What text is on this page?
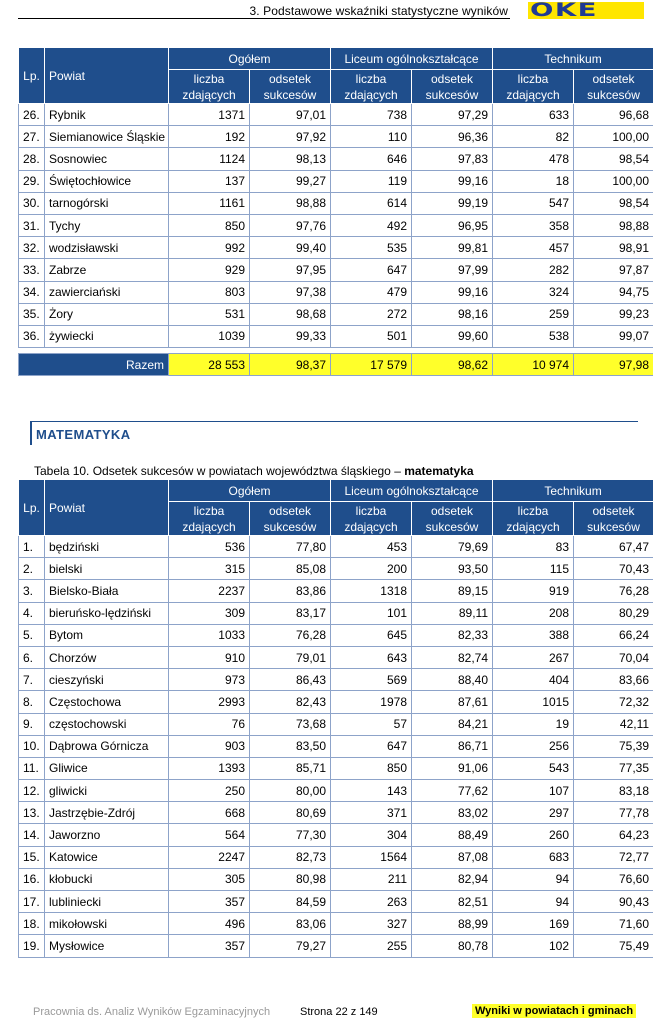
3. Podstawowe wskaźniki statystyczne wyników OKE
Lp.	Powiat	Ogółem		Liceum ogólnokształcące		Technikum	
		liczba zdających	odsetek sukcesów	liczba zdających	odsetek sukcesów	liczba zdających	odsetek sukcesów
26.	Rybnik	1371	97,01	738	97,29	633	96,68
27.	Siemianowice Śląskie	192	97,92	110	96,36	82	100,00
28.	Sosnowiec	1124	98,13	646	97,83	478	98,54
29.	Świętochłowice	137	99,27	119	99,16	18	100,00
30.	tarnogórski	1161	98,88	614	99,19	547	98,54
31.	Tychy	850	97,76	492	96,95	358	98,88
32.	wodzisławski	992	99,40	535	99,81	457	98,91
33.	Zabrze	929	97,95	647	97,99	282	97,87
34.	zawierciański	803	97,38	479	99,16	324	94,75
35.	Żory	531	98,68	272	98,16	259	99,23
36.	żywiecki	1039	99,33	501	99,60	538	99,07

Razem		28 553	98,37	17 579	98,62	10 974	97,98
MATEMATYKA
Tabela 10. Odsetek sukcesów w powiatach województwa śląskiego – matematyka
Lp.	Powiat	Ogółem		Liceum ogólnokształcące		Technikum	
		liczba zdających	odsetek sukcesów	liczba zdających	odsetek sukcesów	liczba zdających	odsetek sukcesów
1.	będziński	536	77,80	453	79,69	83	67,47
2.	bielski	315	85,08	200	93,50	115	70,43
3.	Bielsko-Biała	2237	83,86	1318	89,15	919	76,28
4.	bieruńsko-lędziński	309	83,17	101	89,11	208	80,29
5.	Bytom	1033	76,28	645	82,33	388	66,24
6.	Chorzów	910	79,01	643	82,74	267	70,04
7.	cieszyński	973	86,43	569	88,40	404	83,66
8.	Częstochowa	2993	82,43	1978	87,61	1015	72,32
9.	częstochowski	76	73,68	57	84,21	19	42,11
10.	Dąbrowa Górnicza	903	83,50	647	86,71	256	75,39
11.	Gliwice	1393	85,71	850	91,06	543	77,35
12.	gliwicki	250	80,00	143	77,62	107	83,18
13.	Jastrzębie-Zdrój	668	80,69	371	83,02	297	77,78
14.	Jaworzno	564	77,30	304	88,49	260	64,23
15.	Katowice	2247	82,73	1564	87,08	683	72,77
16.	kłobucki	305	80,98	211	82,94	94	76,60
17.	lubliniecki	357	84,59	263	82,51	94	90,43
18.	mikołowski	496	83,06	327	88,99	169	71,60
19.	Mysłowice	357	79,27	255	80,78	102	75,49
Pracownia ds. Analiz Wyników Egzaminacyjnych	Strona 22 z 149	Wyniki w powiatach i gminach
